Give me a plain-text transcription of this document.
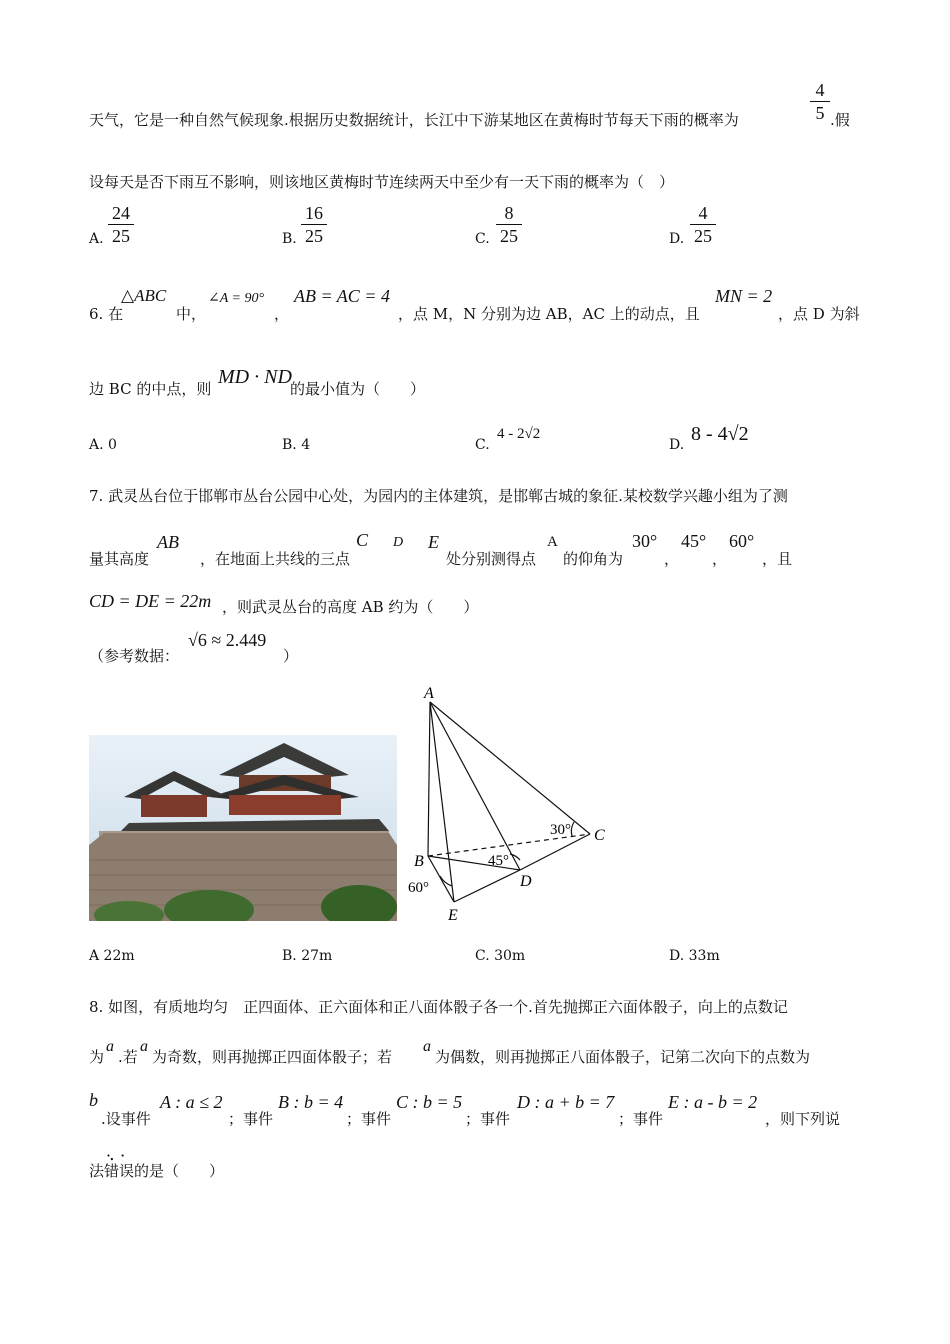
天气，它是一种自然气候现象.根据历史数据统计，长江中下游某地区在黄梅时节每天下雨的概率为
4
5 .假
设每天是否下雨互不影响，则该地区黄梅时节连续两天中至少有一天下雨的概率为（　）
A.
24
25	B.
16
25	C.
8
25	D.
4
25
6. 在
△ABC
中，
∠A = 90°
，
AB = AC = 4
，点 M，N 分别为边 AB，AC 上的动点，且
MN = 2
，点 D 为斜
边 BC 的中点，则
MD · ND
的最小值为（　　）
A. 0	B. 4	C.
4 - 2√2
D. 8 - 4√2
7. 武灵丛台位于邯郸市丛台公园中心处，为园内的主体建筑，是邯郸古城的象征.某校数学兴趣小组为了测
量其高度
AB
，在地面上共线的三点
C D E
处分别测得点
A
的仰角为
30°
，
45°
，
60°
，且
CD = DE = 22m ，则武灵丛台的高度 AB 约为（　　）
（参考数据：
√6 ≈ 2.449
）
A
B
C
D
E
30°
45°
60°
A 22m	B. 27m	C. 30m	D. 33m
8. 如图，有质地均匀　正四面体、正六面体和正八面体骰子各一个.首先抛掷正六面体骰子，向上的点数记
为
a
.若
a
为奇数，则再抛掷正四面体骰子；若
a
为偶数，则再抛掷正八面体骰子，记第二次向下的点数为
b
.设事件
A : a ≤ 2
；事件
B : b = 4
；事件
C : b = 5
；事件
D : a + b = 7
；事件
E : a - b = 2
，则下列说
法错误的是（　　）
··
